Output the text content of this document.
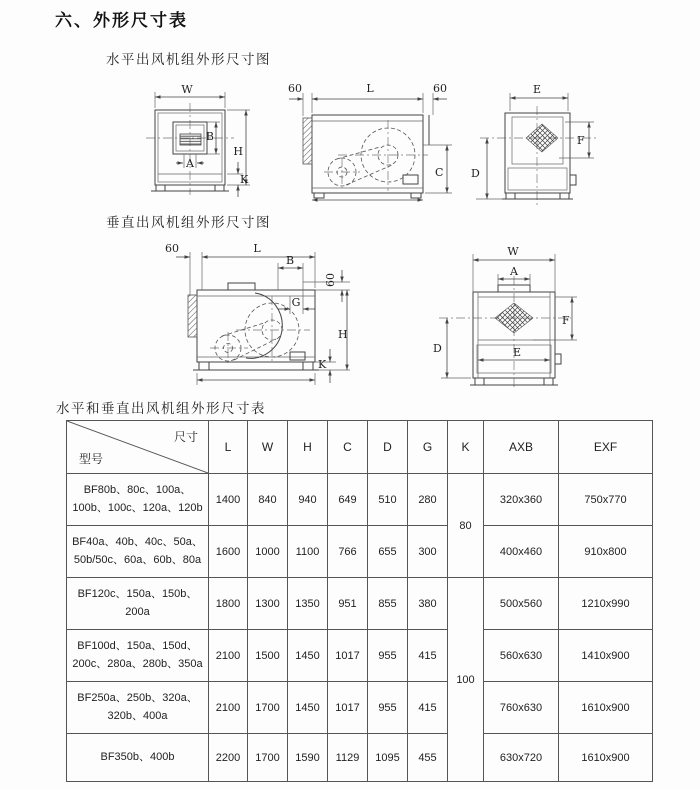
六、外形尺寸表
水平出风机组外形尺寸图
W
B
A
H
K
60	L	60
C
E
F
D
垂直出风机组外形尺寸图
60	L
B
60
G
H
K
W
A
F
D	E
水平和垂直出风机组外形尺寸表
尺寸
型号	L	W	H	C	D	G	K	AXB	EXF
BF80b、80c、100a、100b、100c、120a、120b	1400	840	940	649	510	280	80	320x360	750x770
BF40a、40b、40c、50a、50b/50c、60a、60b、80a	1600	1000	1100	766	655	300		400x460	910x800
BF120c、150a、150b、200a	1800	1300	1350	951	855	380	100	500x560	1210x990
BF100d、150a、150d、200c、280a、280b、350a	2100	1500	1450	1017	955	415		560x630	1410x900
BF250a、250b、320a、320b、400a	2100	1700	1450	1017	955	415		760x630	1610x900
BF350b、400b	2200	1700	1590	1129	1095	455		630x720	1610x900
